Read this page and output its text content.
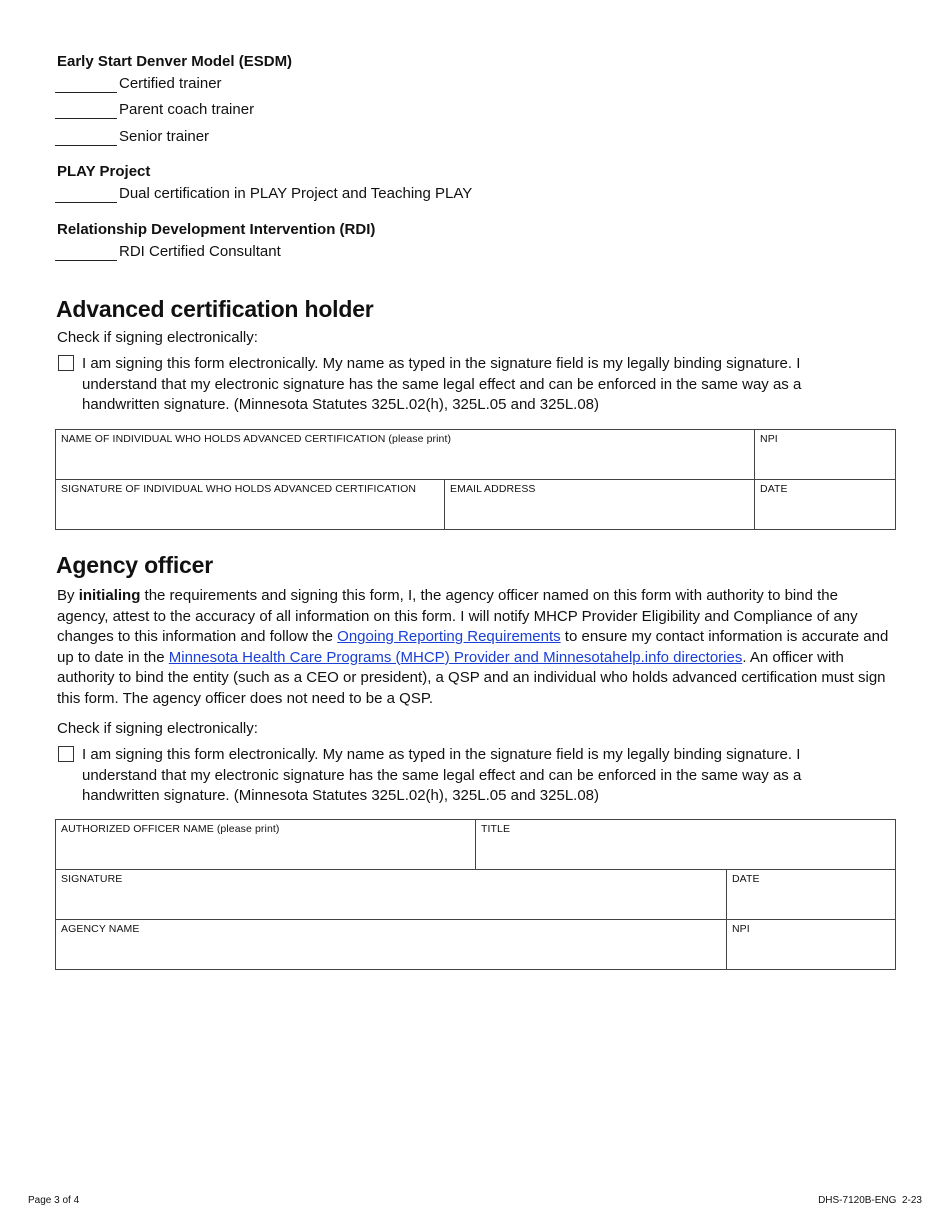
Early Start Denver Model (ESDM)
Certified trainer
Parent coach trainer
Senior trainer
PLAY Project
Dual certification in PLAY Project and Teaching PLAY
Relationship Development Intervention (RDI)
RDI Certified Consultant
Advanced certification holder
Check if signing electronically:
I am signing this form electronically. My name as typed in the signature field is my legally binding signature. I understand that my electronic signature has the same legal effect and can be enforced in the same way as a handwritten signature. (Minnesota Statutes 325L.02(h), 325L.05 and 325L.08)
NAME OF INDIVIDUAL WHO HOLDS ADVANCED CERTIFICATION (please print)		NPI
SIGNATURE OF INDIVIDUAL WHO HOLDS ADVANCED CERTIFICATION	EMAIL ADDRESS	DATE
Agency officer
By initialing the requirements and signing this form, I, the agency officer named on this form with authority to bind the agency, attest to the accuracy of all information on this form. I will notify MHCP Provider Eligibility and Compliance of any changes to this information and follow the Ongoing Reporting Requirements to ensure my contact information is accurate and up to date in the Minnesota Health Care Programs (MHCP) Provider and Minnesotahelp.info directories. An officer with authority to bind the entity (such as a CEO or president), a QSP and an individual who holds advanced certification must sign this form. The agency officer does not need to be a QSP.
Check if signing electronically:
I am signing this form electronically. My name as typed in the signature field is my legally binding signature. I understand that my electronic signature has the same legal effect and can be enforced in the same way as a handwritten signature. (Minnesota Statutes 325L.02(h), 325L.05 and 325L.08)
AUTHORIZED OFFICER NAME (please print)	TITLE	
SIGNATURE		DATE
AGENCY NAME		NPI
Page 3 of 4	DHS-7120B-ENG  2-23
